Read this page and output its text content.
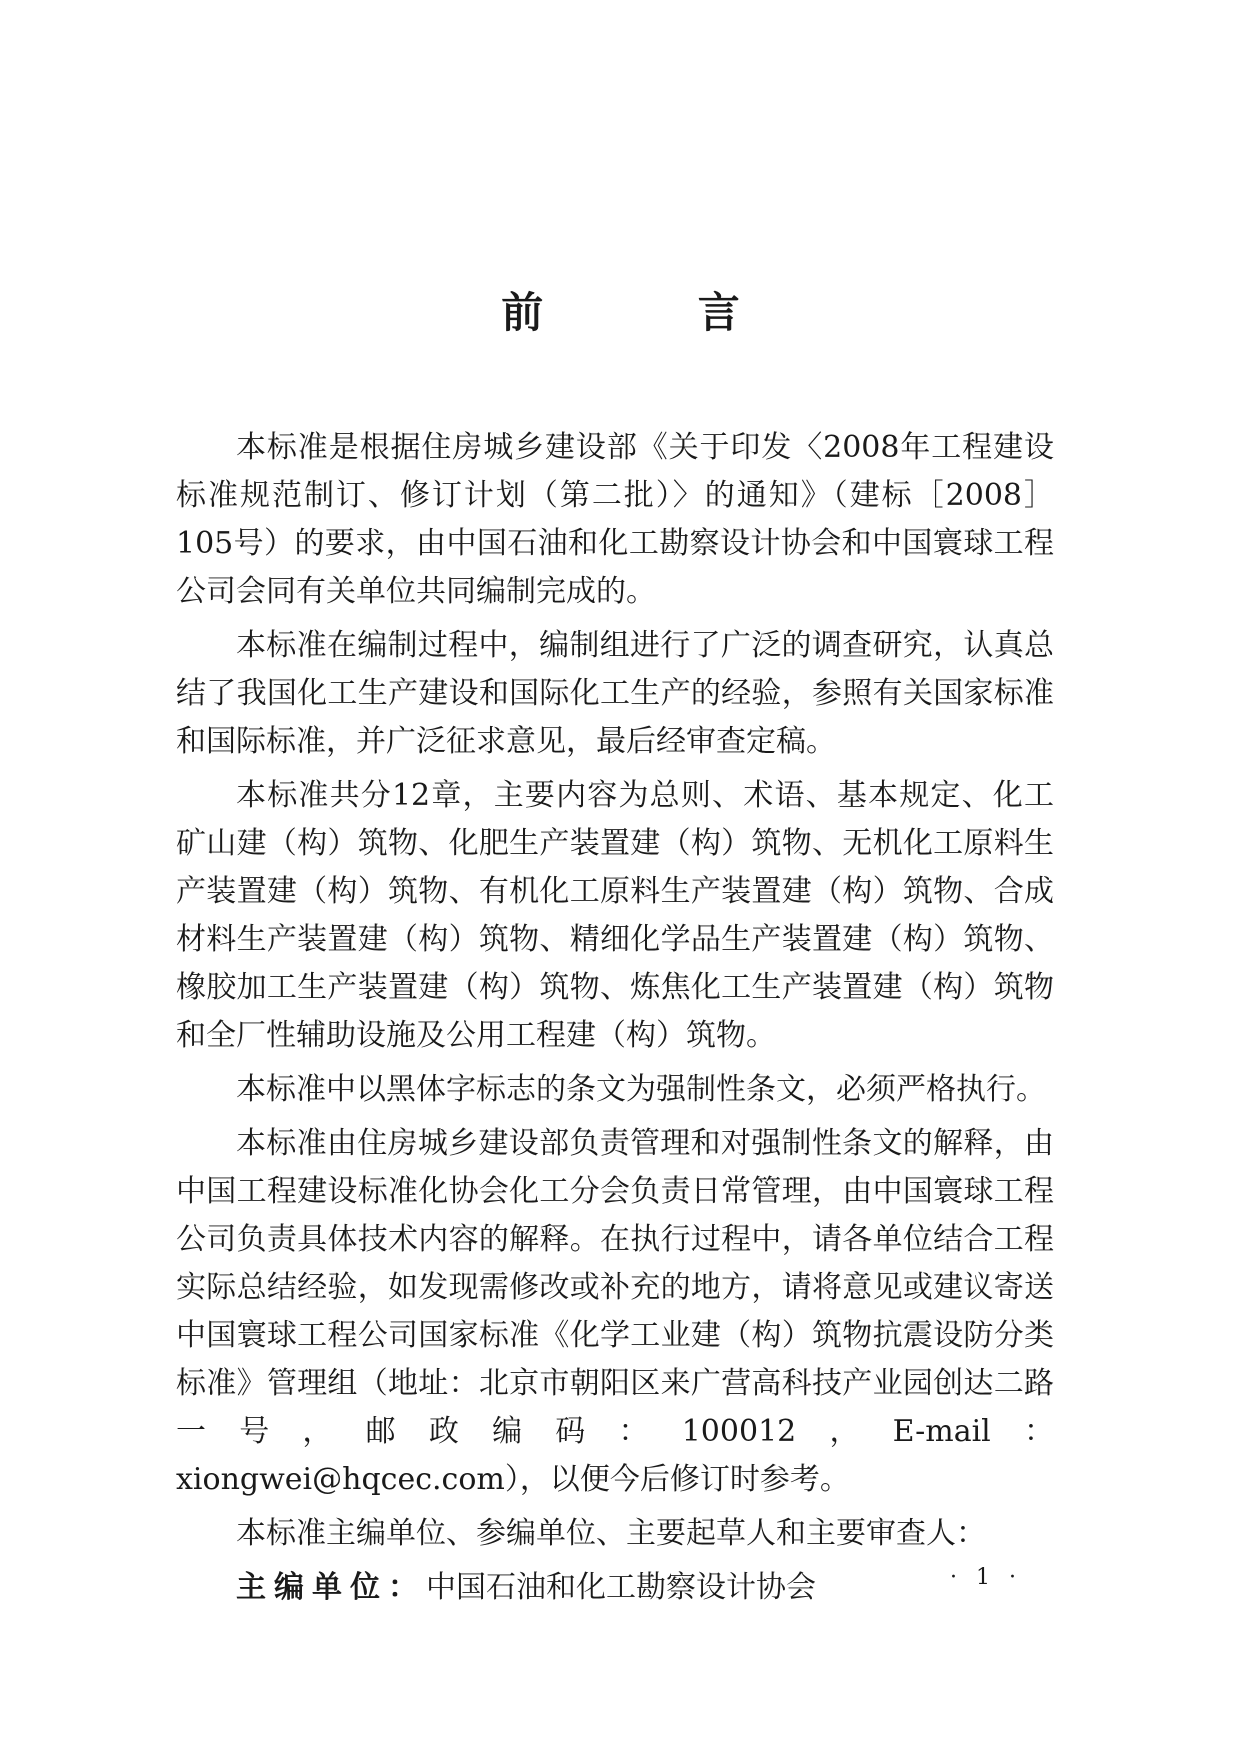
前 言

本标准是根据住房城乡建设部《关于印发〈2008年工程建设标准规范制订、修订计划（第二批）〉的通知》（建标［2008］105号）的要求，由中国石油和化工勘察设计协会和中国寰球工程公司会同有关单位共同编制完成的。

本标准在编制过程中，编制组进行了广泛的调查研究，认真总结了我国化工生产建设和国际化工生产的经验，参照有关国家标准和国际标准，并广泛征求意见，最后经审查定稿。

本标准共分12章，主要内容为总则、术语、基本规定、化工矿山建（构）筑物、化肥生产装置建（构）筑物、无机化工原料生产装置建（构）筑物、有机化工原料生产装置建（构）筑物、合成材料生产装置建（构）筑物、精细化学品生产装置建（构）筑物、橡胶加工生产装置建（构）筑物、炼焦化工生产装置建（构）筑物和全厂性辅助设施及公用工程建（构）筑物。

本标准中以黑体字标志的条文为强制性条文，必须严格执行。

本标准由住房城乡建设部负责管理和对强制性条文的解释，由中国工程建设标准化协会化工分会负责日常管理，由中国寰球工程公司负责具体技术内容的解释。在执行过程中，请各单位结合工程实际总结经验，如发现需修改或补充的地方，请将意见或建议寄送中国寰球工程公司国家标准《化学工业建（构）筑物抗震设防分类标准》管理组（地址：北京市朝阳区来广营高科技产业园创达二路一号，邮政编码：100012，E-mail：xiongwei@hqcec.com），以便今后修订时参考。

本标准主编单位、参编单位、主要起草人和主要审查人：

主编单位：中国石油和化工勘察设计协会	· 1 ·
